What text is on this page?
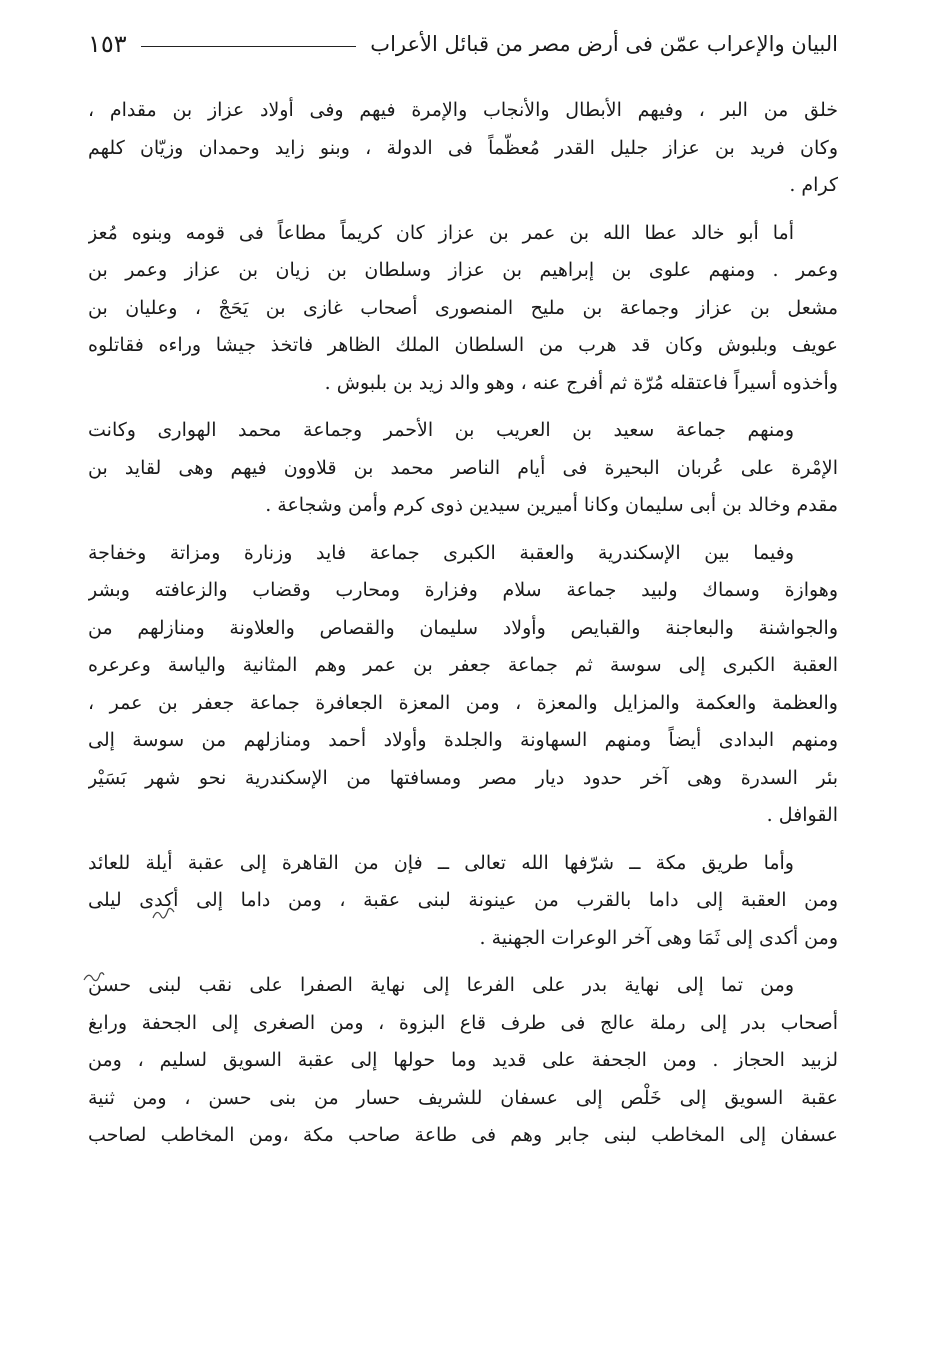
البيان والإعراب عمّن فى أرض مصر من قبائل الأعراب
١٥٣
خلق من البر ، وفيهم الأبطال والأنجاب والإمرة فيهم وفى أولاد عزاز بن مقدام ،
وكان فريد بن عزاز جليل القدر مُعظّماً فى الدولة ، وبنو زايد وحمدان وزيّان كلهم
كرام .
أما أبو خالد عطا الله بن عمر بن عزاز كان كريماً مطاعاً فى قومه وبنوه مُعز
وعمر . ومنهم علوى بن إبراهيم بن عزاز وسلطان بن زيان بن عزاز وعمر بن
مشعل بن عزاز وجماعة بن مليح المنصورى أصحاب غازى بن يَحَجْ ، وعليان بن
عويف وبلبوش وكان قد هرب من السلطان الملك الظاهر فاتخذ جيشا وراءه فقاتلوه
وأخذوه أسيراً فاعتقله مُرّة ثم أفرج عنه ، وهو والد زيد بن بلبوش .
ومنهم جماعة سعيد بن العريب بن الأحمر وجماعة محمد الهوارى وكانت
الإمْرة على عُربان البحيرة فى أيام الناصر محمد بن قلاوون فيهم وهى لقايد بن
مقدم وخالد بن أبى سليمان وكانا أميرين سيدين ذوى كرم وأمن وشجاعة .
وفيما بين الإسكندرية والعقبة الكبرى جماعة فايد وزنارة ومزاتة وخفاجة
وهوازة وسماك ولبيد جماعة سلام وفزارة ومحارب وقضاب والزعافته وبشر
والجواشنة والبعاجنة والقبايص وأولاد سليمان والقصاص والعلاونة ومنازلهم من
العقبة الكبرى إلى سوسة ثم جماعة جعفر بن عمر وهم المثانية والياسة وعرعره
والعظمة والعكمة والمزايل والمعزة ، ومن المعزة الجعافرة جماعة جعفر بن عمر ،
ومنهم البدادى أيضاً ومنهم السهاونة والجلدة وأولاد أحمد ومنازلهم من سوسة إلى
بئر السدرة وهى آخر حدود ديار مصر ومسافتها من الإسكندرية نحو شهر بَسَيْر
القوافل .
وأما طريق مكة ــ شرّفها الله تعالى ــ فإن من القاهرة إلى عقبة أيلة للعائد
ومن العقبة إلى داما بالقرب من عينونة لبنى عقبة ، ومن داما إلى أكدى ليلى
ومن أكدى إلى ثَمَا وهى آخر الوعرات الجهنية .
ومن تما إلى نهاية بدر على الفرعا إلى نهاية الصفرا على نقب لبنى حسن
أصحاب بدر إلى رملة عالج فى طرف قاع البزوة ، ومن الصغرى إلى الجحفة ورابغ
لزبيد الحجاز . ومن الجحفة على قديد وما حولها إلى عقبة السويق لسليم ، ومن
عقبة السويق إلى خَلْص إلى عسفان للشريف حسار من بنى حسن ، ومن ثنية
عسفان إلى المخاطب لبنى جابر وهم فى طاعة صاحب مكة ،ومن المخاطب لصاحب
